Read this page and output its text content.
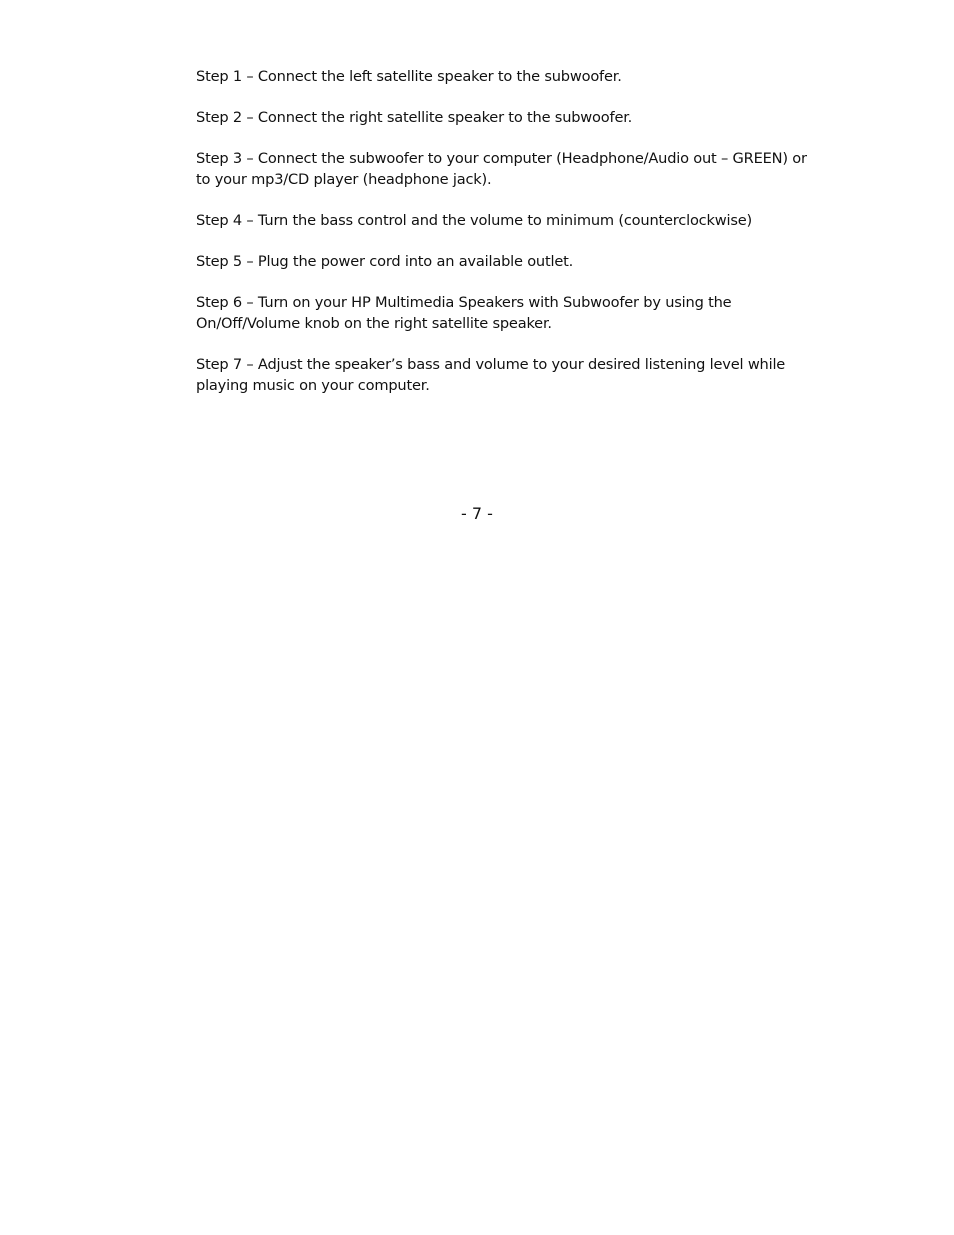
Step 1 – Connect the left satellite speaker to the subwoofer.

Step 2 – Connect the right satellite speaker to the subwoofer.

Step 3 – Connect the subwoofer to your computer (Headphone/Audio out – GREEN) or to your mp3/CD player (headphone jack).

Step 4 – Turn the bass control and the volume to minimum (counterclockwise)

Step 5 – Plug the power cord into an available outlet.

Step 6 – Turn on your HP Multimedia Speakers with Subwoofer by using the On/Off/Volume knob on the right satellite speaker.

Step 7 – Adjust the speaker’s bass and volume to your desired listening level while playing music on your computer.

- 7 -
